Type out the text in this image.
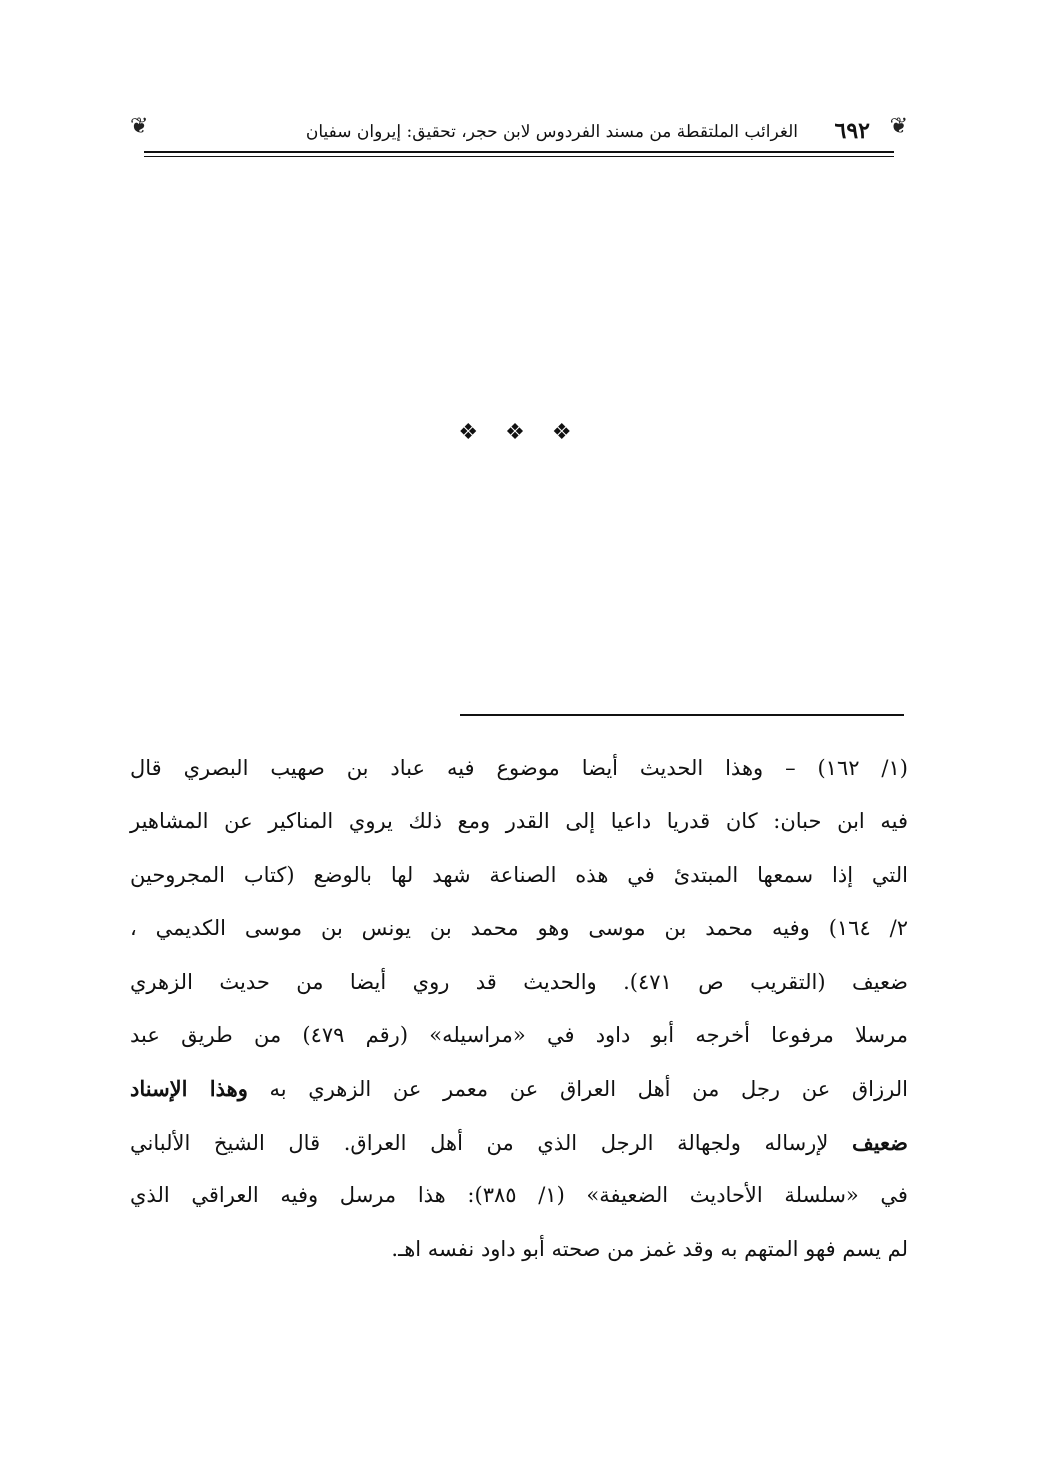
❦	الغرائب الملتقطة من مسند الفردوس لابن حجر، تحقيق: إيروان سفيان ٦٩٢ ❦
❖ ❖ ❖
(١/ ١٦٢) – وهذا الحديث أيضا موضوع فيه عباد بن صهيب البصري قال
فيه ابن حبان: كان قدريا داعيا إلى القدر ومع ذلك يروي المناكير عن المشاهير
التي إذا سمعها المبتدئ في هذه الصناعة شهد لها بالوضع (كتاب المجروحين
٢/ ١٦٤) وفيه محمد بن موسى وهو محمد بن يونس بن موسى الكديمي ،
ضعيف (التقريب ص ٤٧١). والحديث قد روي أيضا من حديث الزهري
مرسلا مرفوعا أخرجه أبو داود في «مراسيله» (رقم ٤٧٩) من طريق عبد
الرزاق عن رجل من أهل العراق عن معمر عن الزهري به وهذا الإسناد
ضعيف لإرساله ولجهالة الرجل الذي من أهل العراق. قال الشيخ الألباني
في «سلسلة الأحاديث الضعيفة» (١/ ٣٨٥): هذا مرسل وفيه العراقي الذي
لم يسم فهو المتهم به وقد غمز من صحته أبو داود نفسه اهـ.
